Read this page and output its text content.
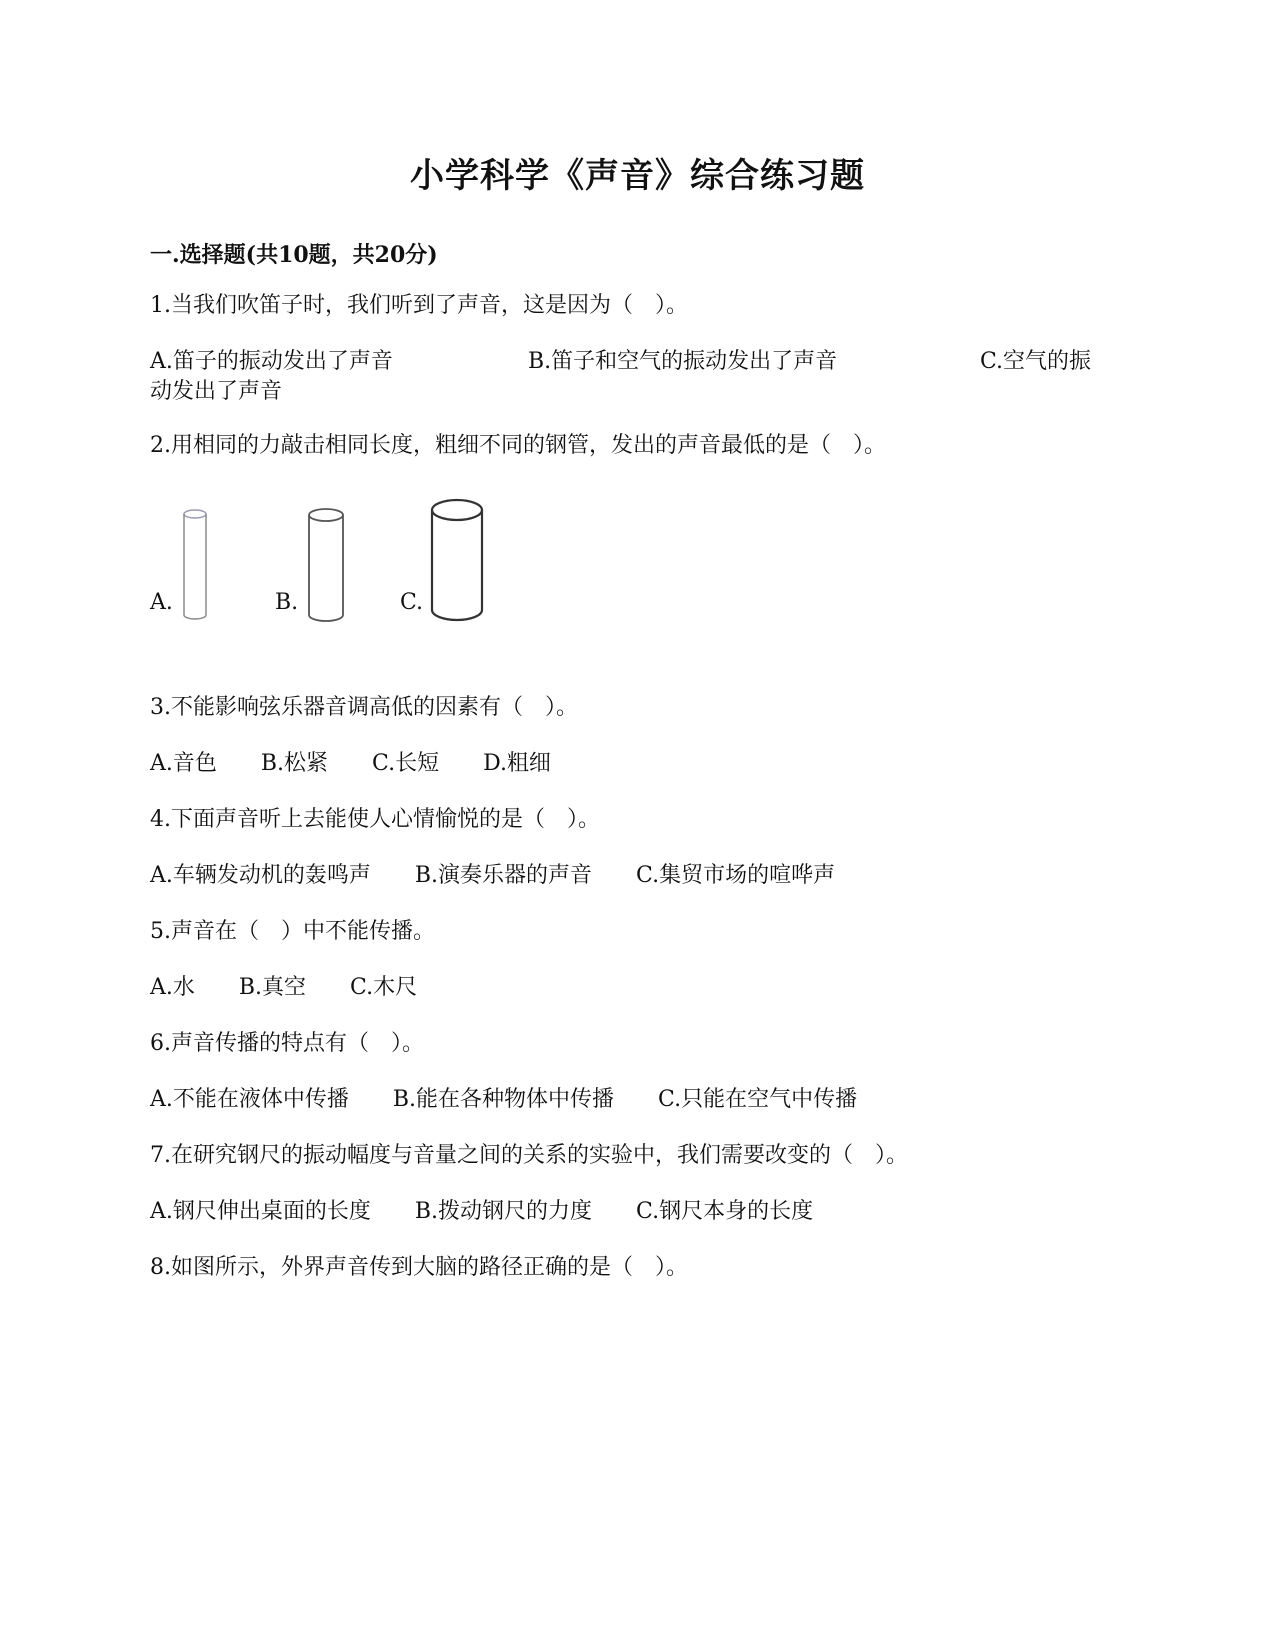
小学科学《声音》综合练习题
一.选择题(共10题，共20分)
1.当我们吹笛子时，我们听到了声音，这是因为（　）。
A.笛子的振动发出了声音	B.笛子和空气的振动发出了声音	C.空气的振
动发出了声音
2.用相同的力敲击相同长度，粗细不同的钢管，发出的声音最低的是（　）。
A.	B.	C.
3.不能影响弦乐器音调高低的因素有（　）。
A.音色　　B.松紧　　C.长短　　D.粗细
4.下面声音听上去能使人心情愉悦的是（　）。
A.车辆发动机的轰鸣声　　B.演奏乐器的声音　　C.集贸市场的喧哗声
5.声音在（　）中不能传播。
A.水　　B.真空　　C.木尺
6.声音传播的特点有（　）。
A.不能在液体中传播　　B.能在各种物体中传播　　C.只能在空气中传播
7.在研究钢尺的振动幅度与音量之间的关系的实验中，我们需要改变的（　）。
A.钢尺伸出桌面的长度　　B.拨动钢尺的力度　　C.钢尺本身的长度
8.如图所示，外界声音传到大脑的路径正确的是（　）。
